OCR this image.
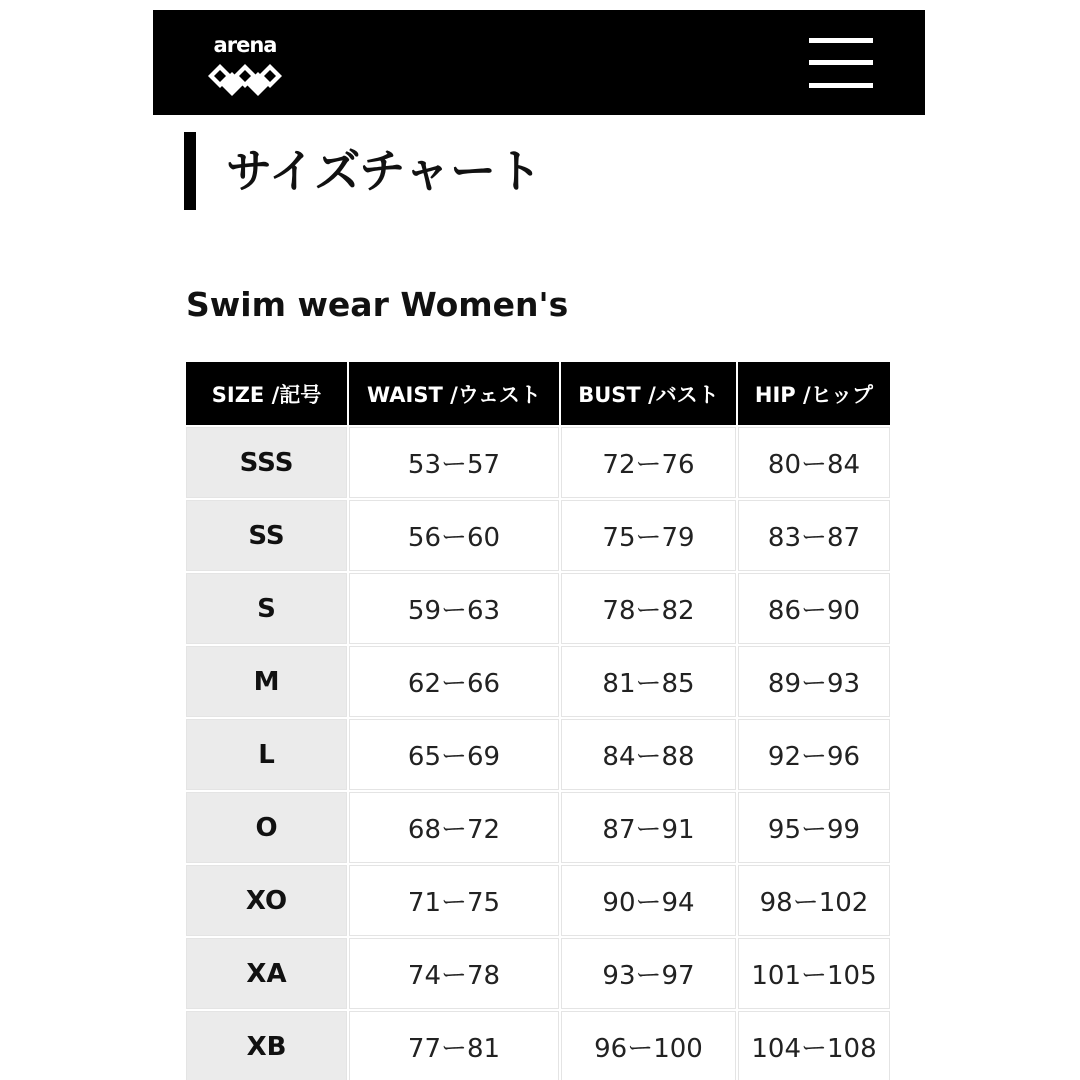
arena
サイズチャート
Swim wear Women's
SIZE /記号	WAIST /ウェスト	BUST /バスト	HIP /ヒップ
SSS	53ー57	72ー76	80ー84
SS	56ー60	75ー79	83ー87
S	59ー63	78ー82	86ー90
M	62ー66	81ー85	89ー93
L	65ー69	84ー88	92ー96
O	68ー72	87ー91	95ー99
XO	71ー75	90ー94	98ー102
XA	74ー78	93ー97	101ー105
XB	77ー81	96ー100	104ー108
